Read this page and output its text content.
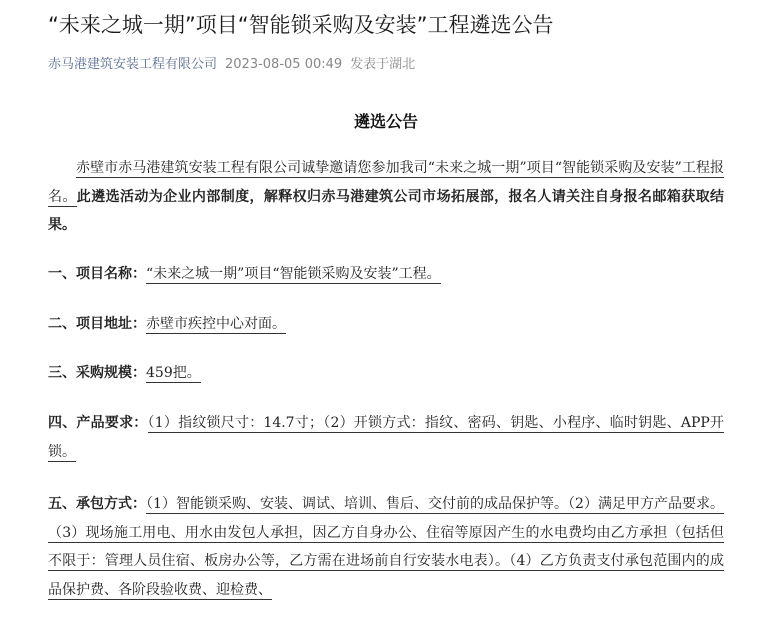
“未来之城一期”项目“智能锁采购及安装”工程遴选公告
赤马港建筑安装工程有限公司 2023-08-05 00:49 发表于湖北
遴选公告

赤壁市赤马港建筑安装工程有限公司诚挚邀请您参加我司“未来之城一期”项目“智能锁采购及安装”工程报名。此遴选活动为企业内部制度，解释权归赤马港建筑公司市场拓展部，报名人请关注自身报名邮箱获取结果。

一、项目名称：“未来之城一期”项目“智能锁采购及安装”工程。

二、项目地址：赤壁市疾控中心对面。

三、采购规模：459把。

四、产品要求：（1）指纹锁尺寸：14.7寸；（2）开锁方式：指纹、密码、钥匙、小程序、临时钥匙、APP开锁。

五、承包方式：（1）智能锁采购、安装、调试、培训、售后、交付前的成品保护等。（2）满足甲方产品要求。（3）现场施工用电、用水由发包人承担，因乙方自身办公、住宿等原因产生的水电费均由乙方承担（包括但不限于：管理人员住宿、板房办公等，乙方需在进场前自行安装水电表）。（4）乙方负责支付承包范围内的成品保护费、各阶段验收费、迎检费、
